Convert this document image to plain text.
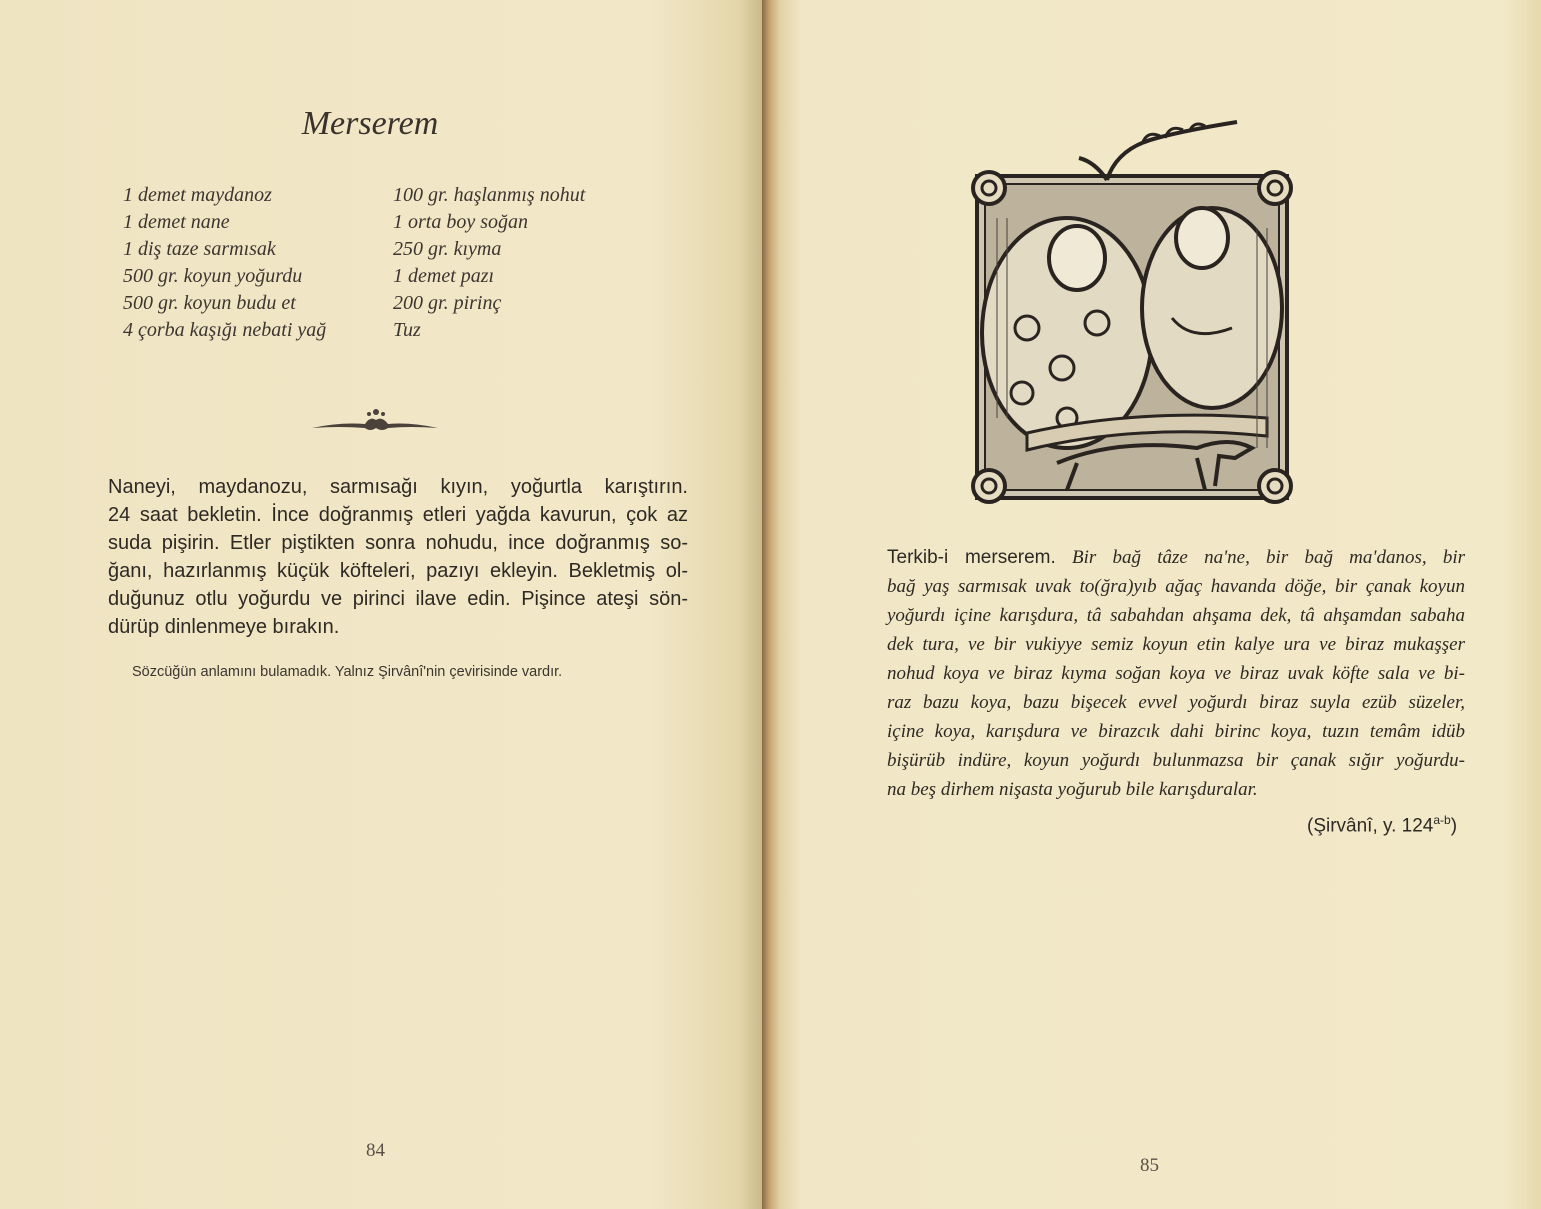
Merserem
1 demet maydanoz
1 demet nane
1 diş taze sarmısak
500 gr. koyun yoğurdu
500 gr. koyun budu et
4 çorba kaşığı nebati yağ
100 gr. haşlanmış nohut
1 orta boy soğan
250 gr. kıyma
1 demet pazı
200 gr. pirinç
Tuz
Naneyi, maydanozu, sarmısağı kıyın, yoğurtla karıştırın.
24 saat bekletin. İnce doğranmış etleri yağda kavurun, çok az
suda pişirin. Etler piştikten sonra nohudu, ince doğranmış so-
ğanı, hazırlanmış küçük köfteleri, pazıyı ekleyin. Bekletmiş ol-
duğunuz otlu yoğurdu ve pirinci ilave edin. Pişince ateşi sön-
dürüp dinlenmeye bırakın.
Sözcüğün anlamını bulamadık. Yalnız Şirvânî'nin çevirisinde vardır.
84
Terkib-i merserem. Bir bağ tâze na'ne, bir bağ ma'danos, bir
bağ yaş sarmısak uvak to(ğra)yıb ağaç havanda döğe, bir çanak koyun
yoğurdı içine karışdura, tâ sabahdan ahşama dek, tâ ahşamdan sabaha
dek tura, ve bir vukiyye semiz koyun etin kalye ura ve biraz mukaşşer
nohud koya ve biraz kıyma soğan koya ve biraz uvak köfte sala ve bi-
raz bazu koya, bazu bişecek evvel yoğurdı biraz suyla ezüb süzeler,
içine koya, karışdura ve birazcık dahi birinc koya, tuzın temâm idüb
bişürüb indüre, koyun yoğurdı bulunmazsa bir çanak sığır yoğurdu-
na beş dirhem nişasta yoğurub bile karışduralar.
(Şirvânî, y. 124$^{a-b}$)
85
